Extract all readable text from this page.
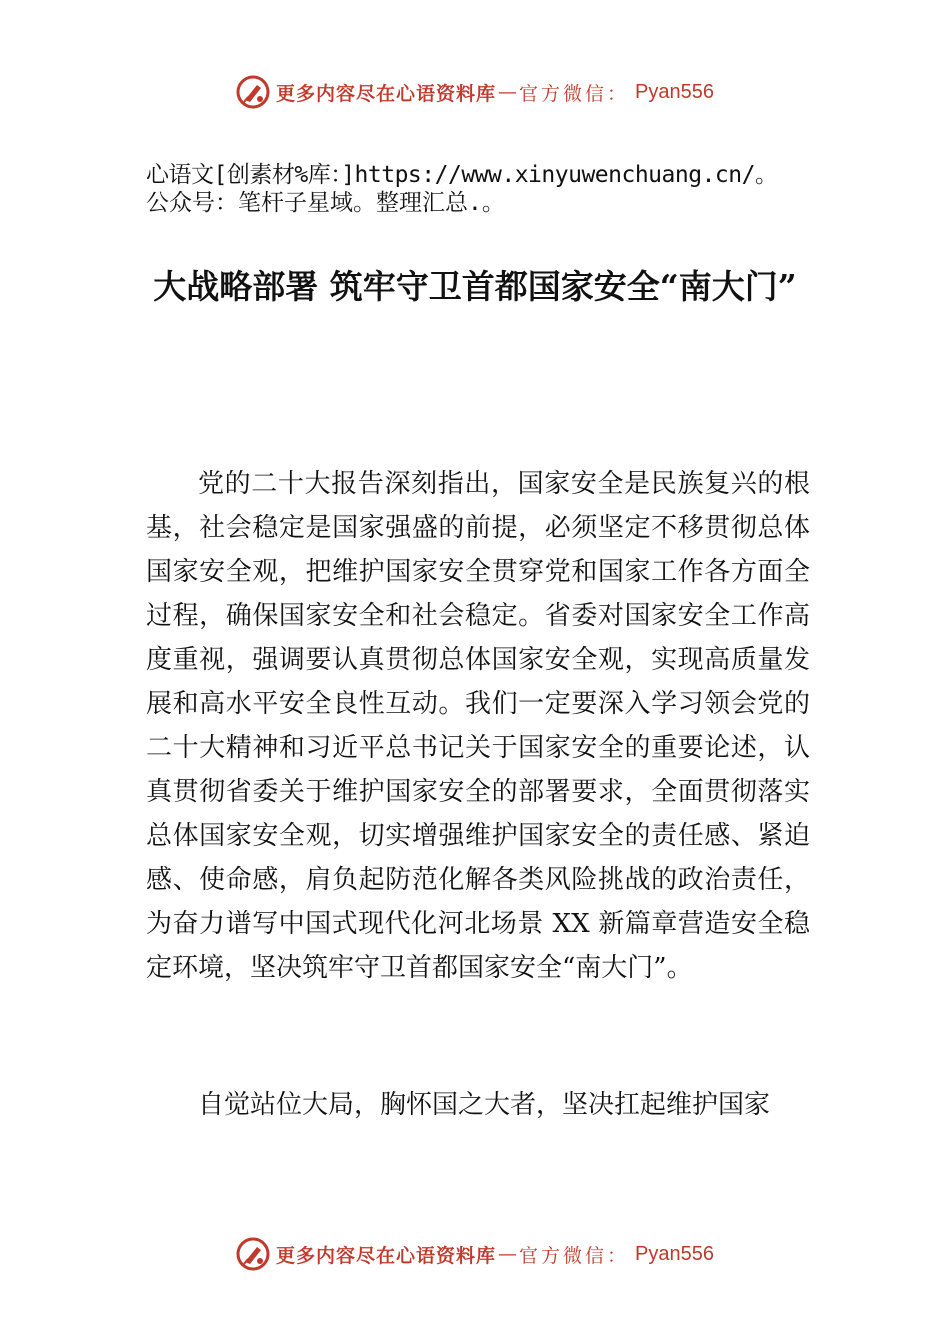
更多内容尽在心语资料库 — 官方微信： Pyan556
心语文[创素材%库：]https://www.xinyuwenchuang.cn/。
公众号：笔杆子星域。整理汇总.。
大战略部署 筑牢守卫首都国家安全“南大门”

党的二十大报告深刻指出，国家安全是民族复兴的根基，社会稳定是国家强盛的前提，必须坚定不移贯彻总体国家安全观，把维护国家安全贯穿党和国家工作各方面全过程，确保国家安全和社会稳定。省委对国家安全工作高度重视，强调要认真贯彻总体国家安全观，实现高质量发展和高水平安全良性互动。我们一定要深入学习领会党的二十大精神和习近平总书记关于国家安全的重要论述，认真贯彻省委关于维护国家安全的部署要求，全面贯彻落实总体国家安全观，切实增强维护国家安全的责任感、紧迫感、使命感，肩负起防范化解各类风险挑战的政治责任，为奋力谱写中国式现代化河北场景 XX 新篇章营造安全稳定环境，坚决筑牢守卫首都国家安全“南大门”。

自觉站位大局，胸怀国之大者，坚决扛起维护国家

更多内容尽在心语资料库 — 官方微信： Pyan556
